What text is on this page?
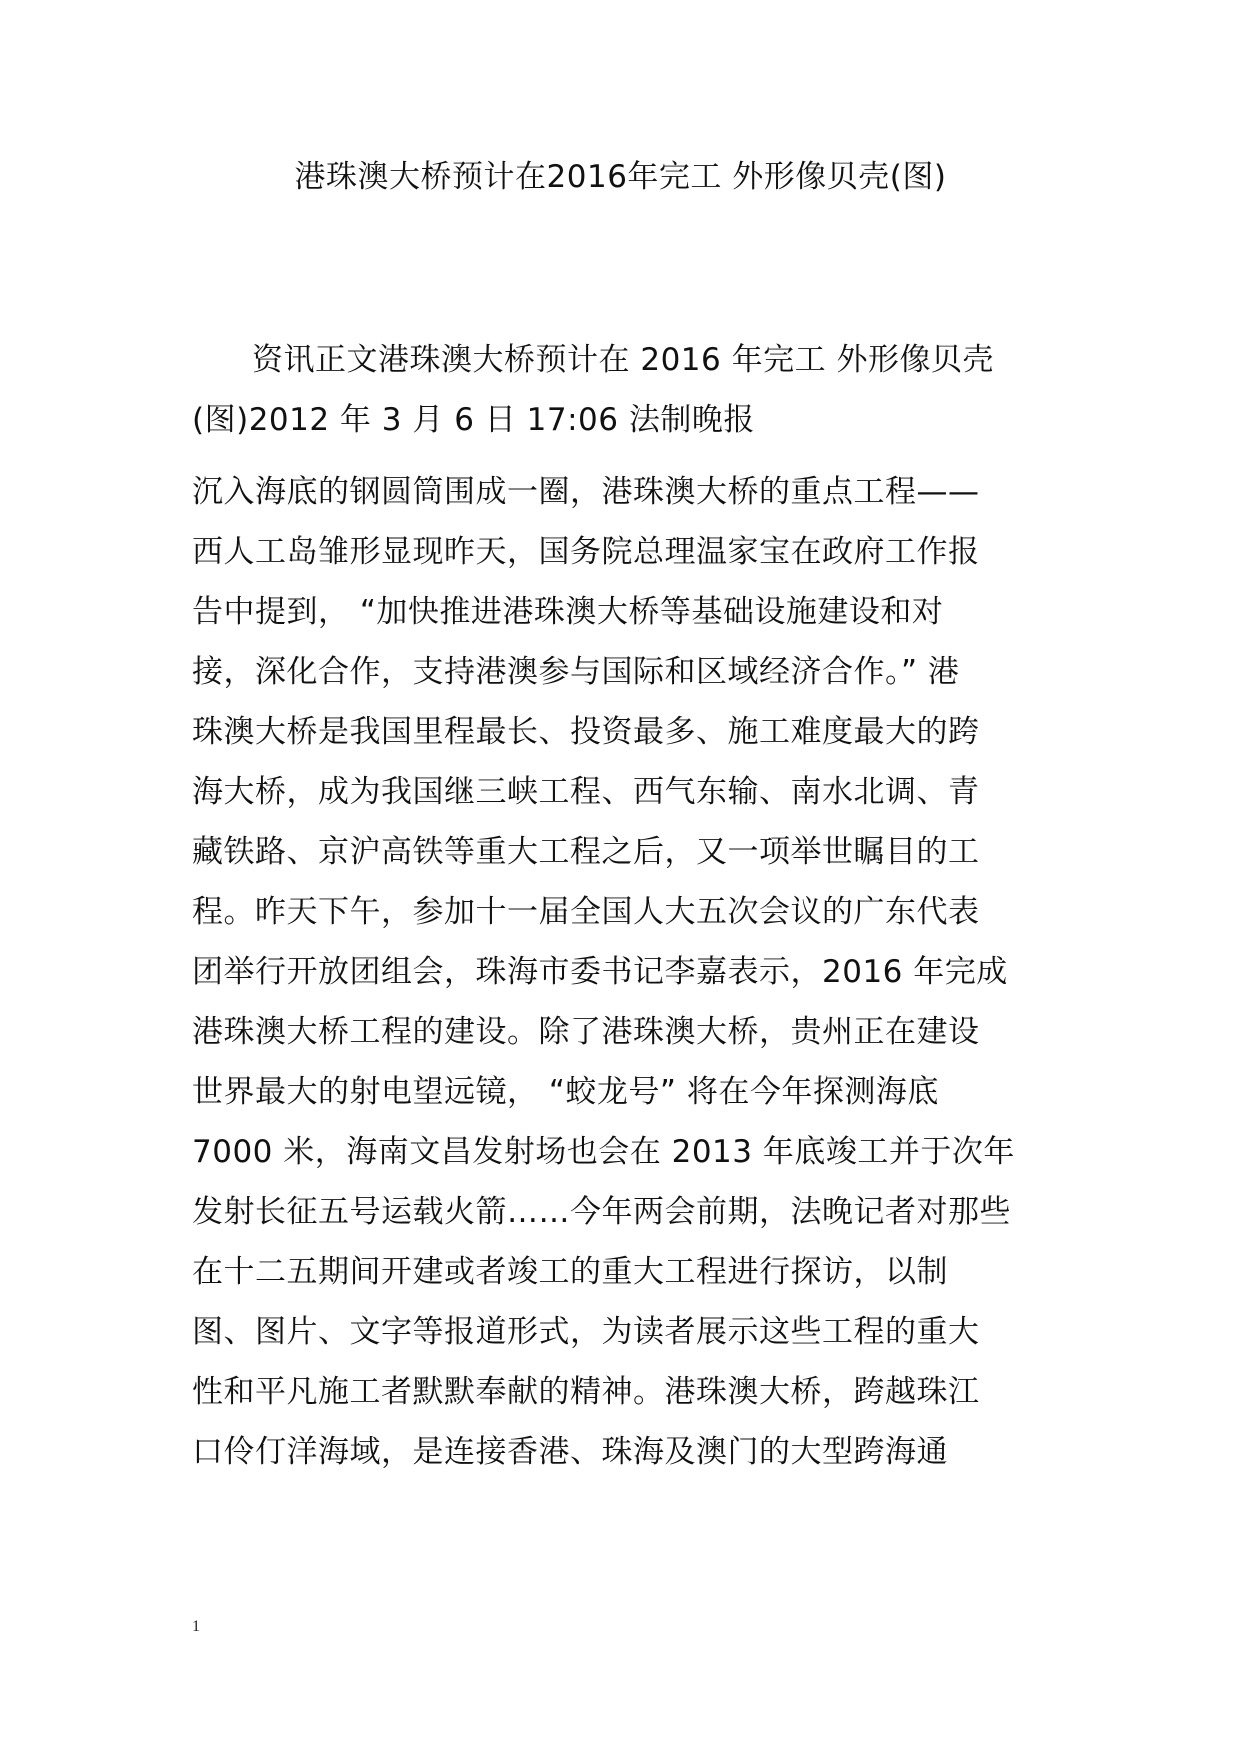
港珠澳大桥预计在2016年完工 外形像贝壳(图)
资讯正文港珠澳大桥预计在 2016 年完工 外形像贝壳
(图)2012 年 3 月 6 日 17:06 法制晚报
沉入海底的钢圆筒围成一圈，港珠澳大桥的重点工程——
西人工岛雏形显现昨天，国务院总理温家宝在政府工作报
告中提到， “加快推进港珠澳大桥等基础设施建设和对
接，深化合作，支持港澳参与国际和区域经济合作。” 港
珠澳大桥是我国里程最长、投资最多、施工难度最大的跨
海大桥，成为我国继三峡工程、西气东输、南水北调、青
藏铁路、京沪高铁等重大工程之后，又一项举世瞩目的工
程。昨天下午，参加十一届全国人大五次会议的广东代表
团举行开放团组会，珠海市委书记李嘉表示，2016 年完成
港珠澳大桥工程的建设。除了港珠澳大桥，贵州正在建设
世界最大的射电望远镜， “蛟龙号” 将在今年探测海底
7000 米，海南文昌发射场也会在 2013 年底竣工并于次年
发射长征五号运载火箭……今年两会前期，法晚记者对那些
在十二五期间开建或者竣工的重大工程进行探访，以制
图、图片、文字等报道形式，为读者展示这些工程的重大
性和平凡施工者默默奉献的精神。港珠澳大桥，跨越珠江
口伶仃洋海域，是连接香港、珠海及澳门的大型跨海通
1
